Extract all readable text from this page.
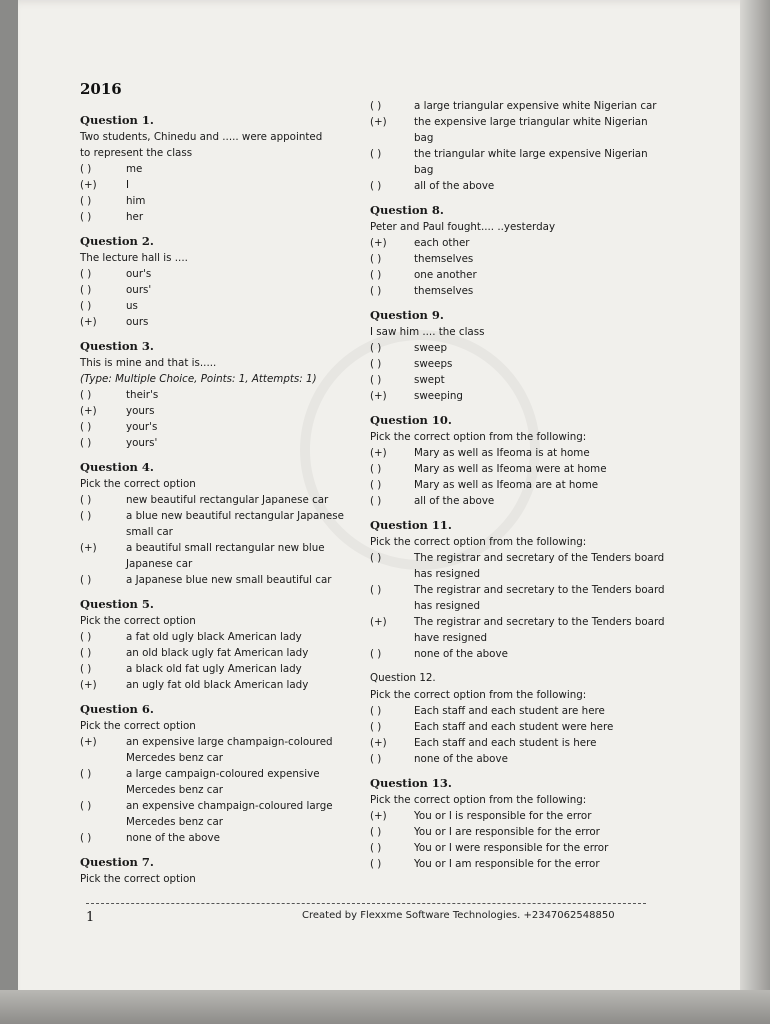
2016
Question 1.
Two students, Chinedu and ..... were appointed
to represent the class
( )	me
(+)	I
( )	him
( )	her
Question 2.
The lecture hall is ....
( )	our's
( )	ours'
( )	us
(+)	ours
Question 3.
This is mine and that is.....
(Type: Multiple Choice, Points: 1, Attempts: 1)
( )	their's
(+)	yours
( )	your's
( )	yours'
Question 4.
Pick the correct option
( )	new beautiful rectangular Japanese car
( )	a blue new beautiful rectangular Japanese small car
(+)	a beautiful small rectangular new blue Japanese car
( )	a Japanese blue new small beautiful car
Question 5.
Pick the correct option
( )	a fat old ugly black American lady
( )	an old black ugly fat American lady
( )	a black old fat ugly American lady
(+)	an ugly fat old black American lady
Question 6.
Pick the correct option
(+)	an expensive large champaign-coloured Mercedes benz car
( )	a large campaign-coloured expensive Mercedes benz car
( )	an expensive champaign-coloured large Mercedes benz car
( )	none of the above
Question 7.
Pick the correct option
( )	a large triangular expensive white Nigerian car
(+)	the expensive large triangular white Nigerian bag
( )	the triangular white large expensive Nigerian bag
( )	all of the above
Question 8.
Peter and Paul fought.... ..yesterday
(+)	each other
( )	themselves
( )	one another
( )	themselves
Question 9.
I saw him .... the class
( )	sweep
( )	sweeps
( )	swept
(+)	sweeping
Question 10.
Pick the correct option from the following:
(+)	Mary as well as Ifeoma is at home
( )	Mary as well as Ifeoma were at home
( )	Mary as well as Ifeoma are at home
( )	all of the above
Question 11.
Pick the correct option from the following:
( )	The registrar and secretary of the Tenders board has resigned
( )	The registrar and secretary to the Tenders board has resigned
(+)	The registrar and secretary to the Tenders board have resigned
( )	none of the above
Question 12.
Pick the correct option from the following:
( )	Each staff and each student are here
( )	Each staff and each student were here
(+)	Each staff and each student is here
( )	none of the above
Question 13.
Pick the correct option from the following:
(+)	You or I is responsible for the error
( )	You or I are responsible for the error
( )	You or I were responsible for the error
( )	You or I am responsible for the error
1	Created by Flexxme Software Technologies. +2347062548850
